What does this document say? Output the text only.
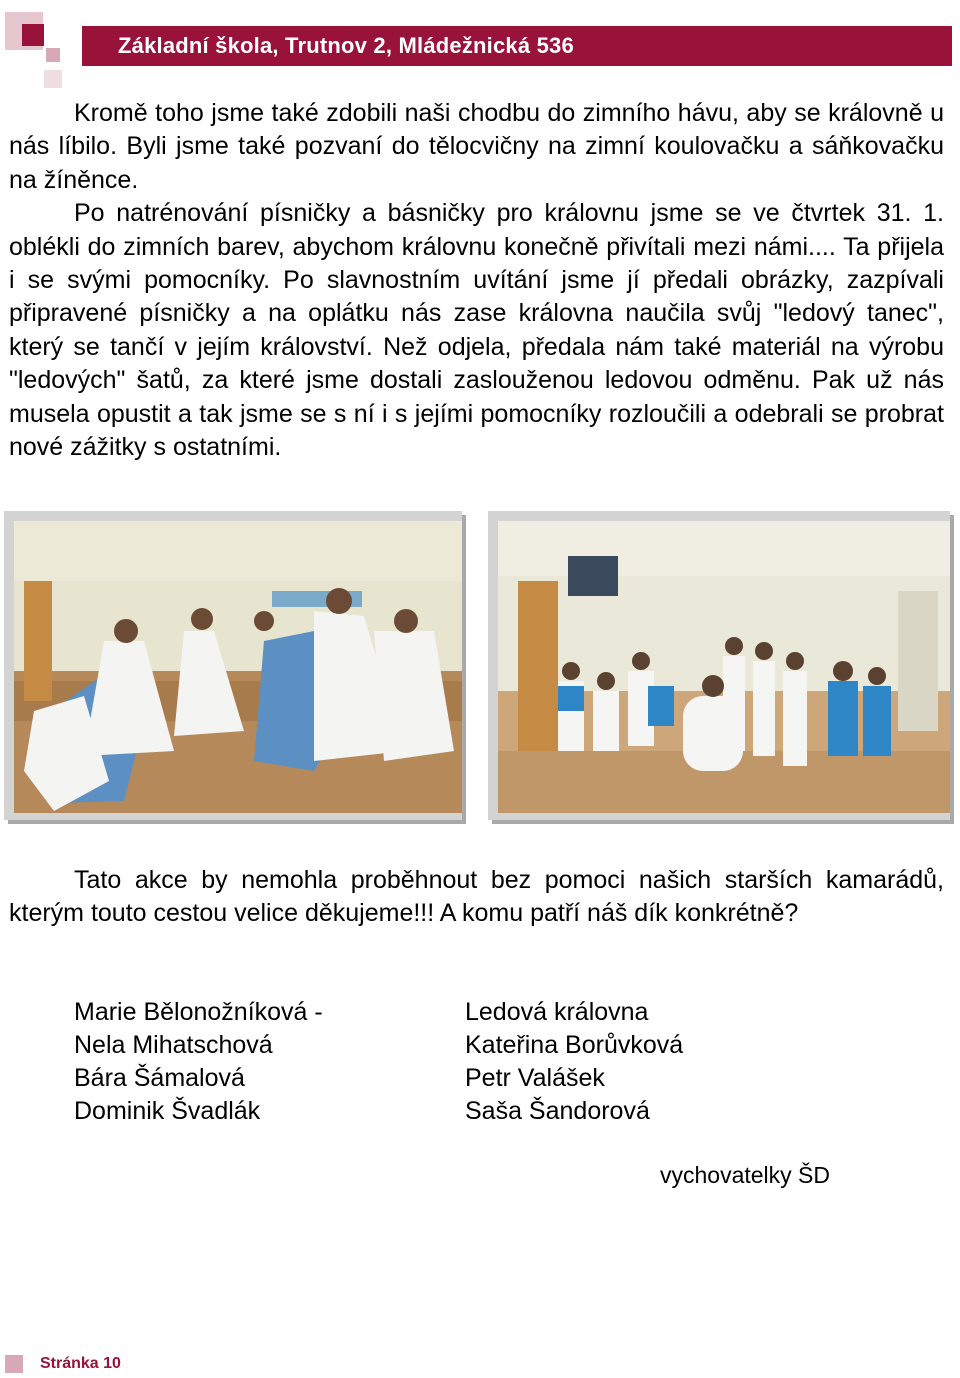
Základní škola, Trutnov 2, Mládežnická 536

Kromě toho jsme také zdobili naši chodbu do zimního hávu, aby se královně u nás líbilo. Byli jsme také pozvaní do tělocvičny na zimní koulovačku a sáňkovačku na žíněnce.

Po natrénování písničky a básničky pro královnu jsme se ve čtvrtek 31. 1. oblékli do zimních barev, abychom královnu konečně přivítali mezi námi.... Ta přijela i se svými pomocníky. Po slavnostním uvítání jsme jí předali obrázky, zazpívali připravené písničky a na oplátku nás zase královna naučila svůj "ledový tanec", který se tančí v jejím království. Než odjela, předala nám také materiál na výrobu "ledových" šatů, za které jsme dostali zaslouženou ledovou odměnu. Pak už nás musela opustit a tak jsme se s ní i s jejími pomocníky rozloučili a odebrali se probrat nové zážitky s ostatními.

Tato akce by nemohla proběhnout bez pomoci našich starších kamarádů, kterým touto cestou velice děkujeme!!! A komu patří náš dík konkrétně?

Marie Bělonožníková -
Nela Mihatschová
Bára Šámalová
Dominik Švadlák
Ledová královna
Kateřina Borůvková
Petr Valášek
Saša Šandorová
vychovatelky ŠD
Stránka 10
